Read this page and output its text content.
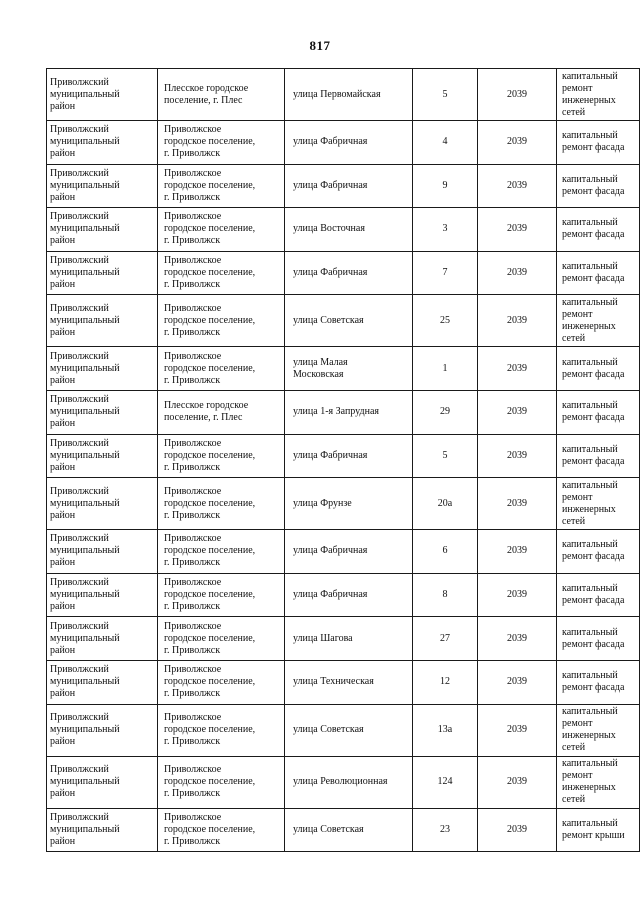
817
Приволжский
муниципальный
район	Плесское городское
поселение, г. Плес	улица Первомайская	5	2039	капитальный
ремонт
инженерных
сетей

Приволжский
муниципальный
район	Приволжское
городское поселение,
г. Приволжск	улица Фабричная	4	2039	капитальный
ремонт фасада

Приволжский
муниципальный
район	Приволжское
городское поселение,
г. Приволжск	улица Фабричная	9	2039	капитальный
ремонт фасада

Приволжский
муниципальный
район	Приволжское
городское поселение,
г. Приволжск	улица Восточная	3	2039	капитальный
ремонт фасада

Приволжский
муниципальный
район	Приволжское
городское поселение,
г. Приволжск	улица Фабричная	7	2039	капитальный
ремонт фасада

Приволжский
муниципальный
район	Приволжское
городское поселение,
г. Приволжск	улица Советская	25	2039	капитальный
ремонт
инженерных
сетей

Приволжский
муниципальный
район	Приволжское
городское поселение,
г. Приволжск	улица Малая
Московская	1	2039	капитальный
ремонт фасада

Приволжский
муниципальный
район	Плесское городское
поселение, г. Плес	улица 1-я Запрудная	29	2039	капитальный
ремонт фасада

Приволжский
муниципальный
район	Приволжское
городское поселение,
г. Приволжск	улица Фабричная	5	2039	капитальный
ремонт фасада

Приволжский
муниципальный
район	Приволжское
городское поселение,
г. Приволжск	улица Фрунзе	20а	2039	капитальный
ремонт
инженерных
сетей

Приволжский
муниципальный
район	Приволжское
городское поселение,
г. Приволжск	улица Фабричная	6	2039	капитальный
ремонт фасада

Приволжский
муниципальный
район	Приволжское
городское поселение,
г. Приволжск	улица Фабричная	8	2039	капитальный
ремонт фасада

Приволжский
муниципальный
район	Приволжское
городское поселение,
г. Приволжск	улица Шагова	27	2039	капитальный
ремонт фасада

Приволжский
муниципальный
район	Приволжское
городское поселение,
г. Приволжск	улица Техническая	12	2039	капитальный
ремонт фасада

Приволжский
муниципальный
район	Приволжское
городское поселение,
г. Приволжск	улица Советская	13а	2039	капитальный
ремонт
инженерных
сетей

Приволжский
муниципальный
район	Приволжское
городское поселение,
г. Приволжск	улица Революционная	124	2039	капитальный
ремонт
инженерных
сетей

Приволжский
муниципальный
район	Приволжское
городское поселение,
г. Приволжск	улица Советская	23	2039	капитальный
ремонт крыши
